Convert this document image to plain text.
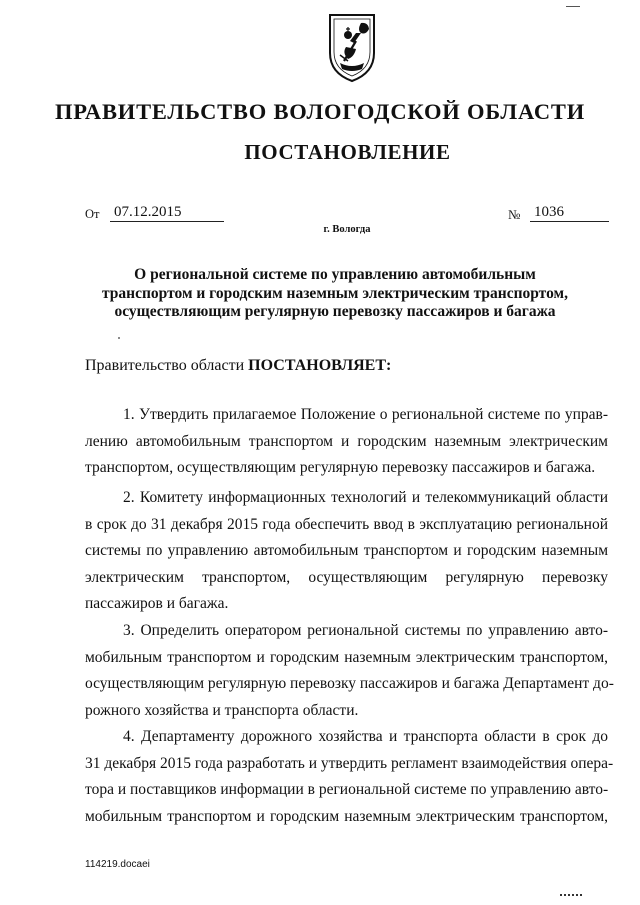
ПРАВИТЕЛЬСТВО ВОЛОГОДСКОЙ ОБЛАСТИ
ПОСТАНОВЛЕНИЕ
От 07.12.2015	№ 1036
г. Вологда
О региональной системе по управлению автомобильным транспортом и городским наземным электрическим транспортом, осуществляющим регулярную перевозку пассажиров и багажа
Правительство области ПОСТАНОВЛЯЕТ:
1. Утвердить прилагаемое Положение о региональной системе по управ-
лению автомобильным транспортом и городским наземным электрическим
транспортом, осуществляющим регулярную перевозку пассажиров и багажа.
2. Комитету информационных технологий и телекоммуникаций области
в срок до 31 декабря 2015 года обеспечить ввод в эксплуатацию региональной
системы по управлению автомобильным транспортом и городским наземным
электрическим транспортом, осуществляющим регулярную перевозку
пассажиров и багажа.
3. Определить оператором региональной системы по управлению авто-
мобильным транспортом и городским наземным электрическим транспортом,
осуществляющим регулярную перевозку пассажиров и багажа Департамент до-
рожного хозяйства и транспорта области.
4. Департаменту дорожного хозяйства и транспорта области в срок до
31 декабря 2015 года разработать и утвердить регламент взаимодействия опера-
тора и поставщиков информации в региональной системе по управлению авто-
мобильным транспортом и городским наземным электрическим транспортом,
114219.docaei
